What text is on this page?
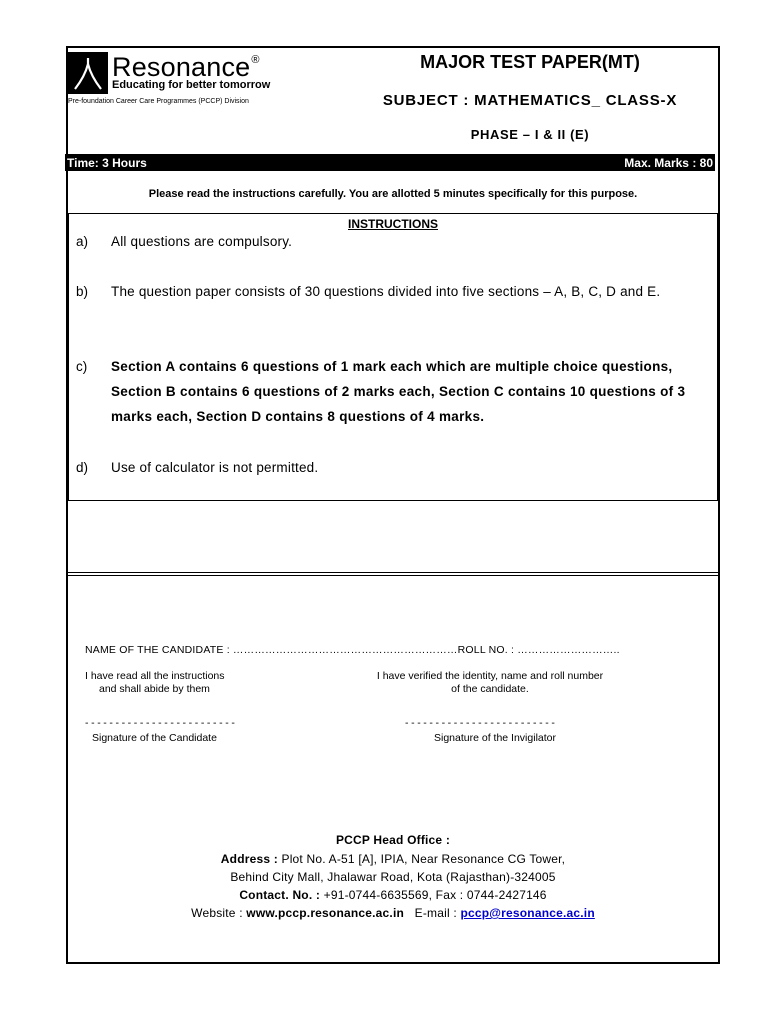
Resonance®
Educating for better tomorrow
Pre-foundation Career Care Programmes (PCCP) Division
MAJOR TEST PAPER(MT)
SUBJECT : MATHEMATICS_ CLASS-X
PHASE – I & II (E)
Time: 3 Hours	Max. Marks : 80
Please read the instructions carefully. You are allotted 5 minutes specifically for this purpose.
INSTRUCTIONS
a) All questions are compulsory.
b) The question paper consists of 30 questions divided into five sections – A, B, C, D and E.
c) Section A contains 6 questions of 1 mark each which are multiple choice questions, Section B contains 6 questions of 2 marks each, Section C contains 10 questions of 3 marks each, Section D contains 8 questions of 4 marks.
d) Use of calculator is not permitted.
NAME OF THE CANDIDATE : ………………………………………………………ROLL NO. : ………………………..
I have read all the instructions
and shall abide by them
I have verified the identity, name and roll number
of the candidate.
-------------------------	-------------------------
Signature of the Candidate	Signature of the Invigilator
PCCP Head Office :
Address : Plot No. A-51 [A], IPIA, Near Resonance CG Tower,
Behind City Mall, Jhalawar Road, Kota (Rajasthan)-324005
Contact. No. : +91-0744-6635569, Fax : 0744-2427146
Website : www.pccp.resonance.ac.in   E-mail : pccp@resonance.ac.in
